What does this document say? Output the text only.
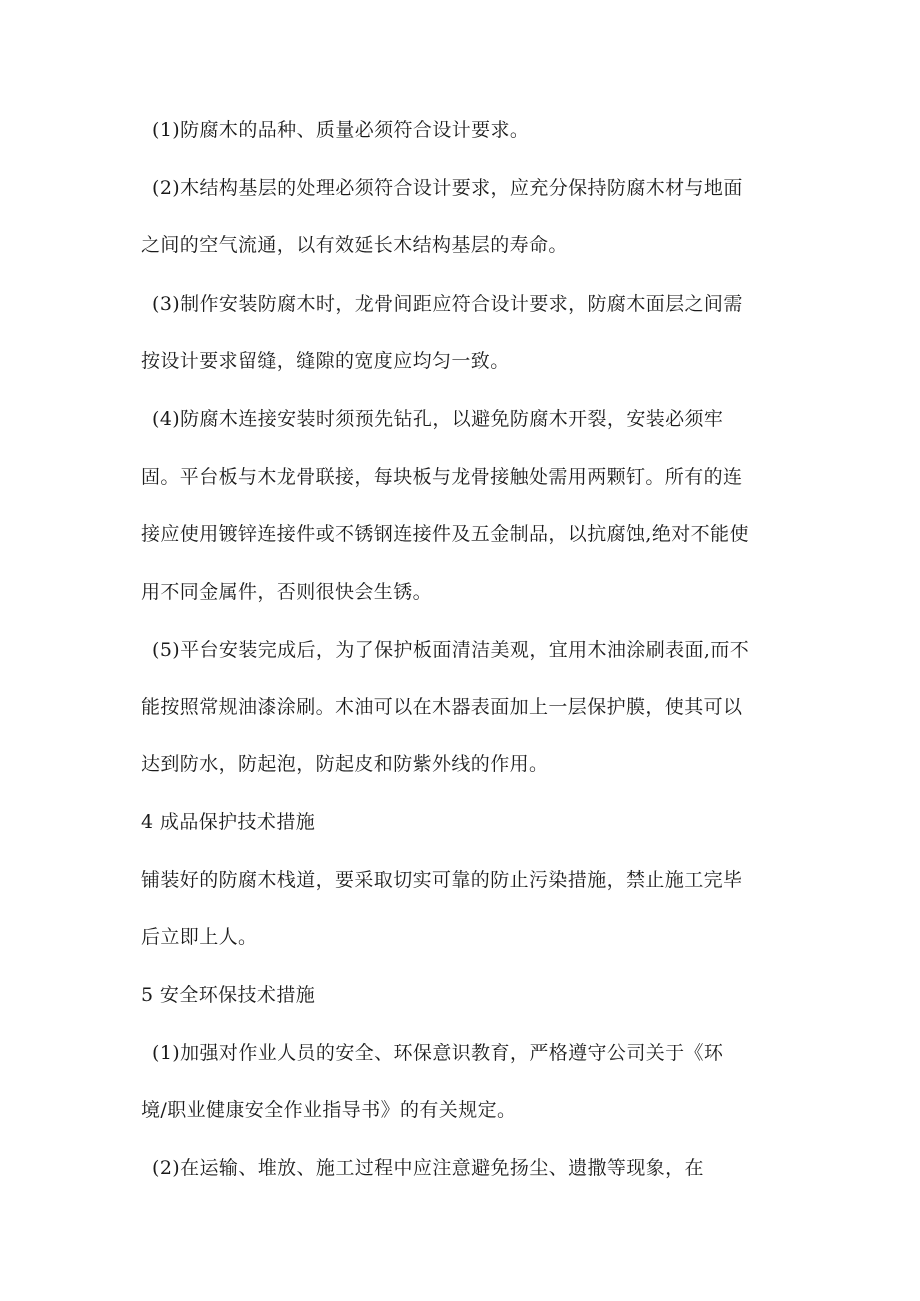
(1)防腐木的品种、质量必须符合设计要求。
(2)木结构基层的处理必须符合设计要求，应充分保持防腐木材与地面
之间的空气流通，以有效延长木结构基层的寿命。
(3)制作安装防腐木时，龙骨间距应符合设计要求，防腐木面层之间需
按设计要求留缝，缝隙的宽度应均匀一致。
(4)防腐木连接安装时须预先钻孔，以避免防腐木开裂，安装必须牢
固。平台板与木龙骨联接，每块板与龙骨接触处需用两颗钉。所有的连
接应使用镀锌连接件或不锈钢连接件及五金制品，以抗腐蚀,绝对不能使
用不同金属件，否则很快会生锈。
(5)平台安装完成后，为了保护板面清洁美观，宜用木油涂刷表面,而不
能按照常规油漆涂刷。木油可以在木器表面加上一层保护膜，使其可以
达到防水，防起泡，防起皮和防紫外线的作用。
4 成品保护技术措施
铺装好的防腐木栈道，要采取切实可靠的防止污染措施，禁止施工完毕
后立即上人。
5 安全环保技术措施
(1)加强对作业人员的安全、环保意识教育，严格遵守公司关于《环
境/职业健康安全作业指导书》的有关规定。
(2)在运输、堆放、施工过程中应注意避免扬尘、遗撒等现象，在
